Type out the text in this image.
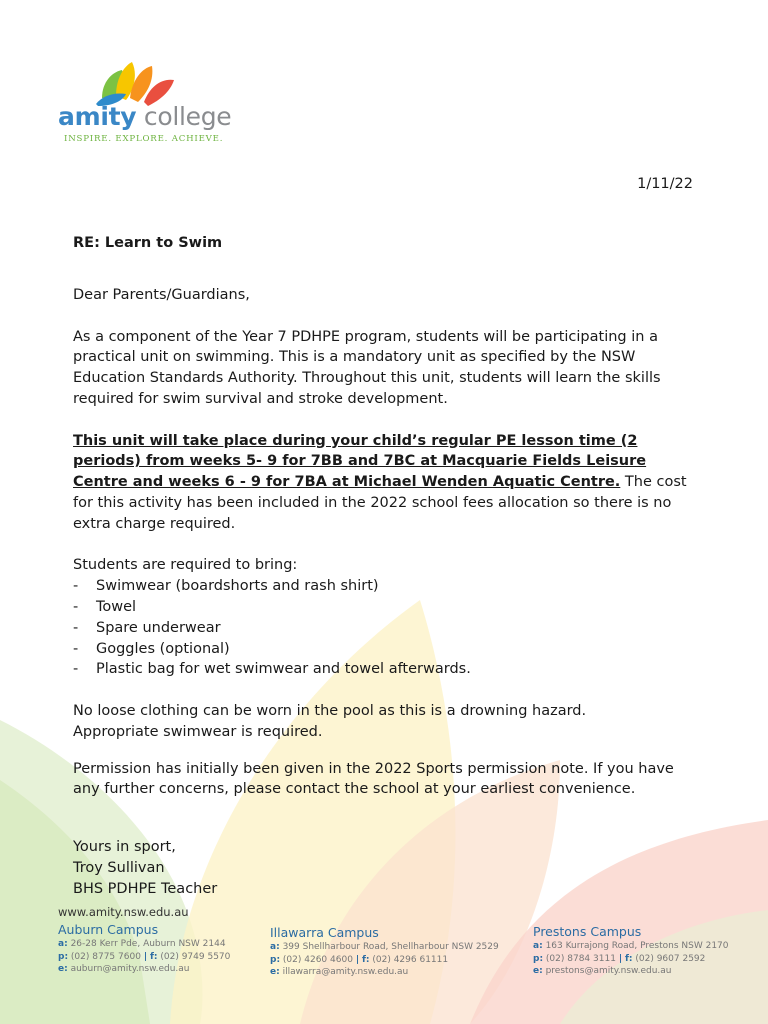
amity college
INSPIRE. EXPLORE. ACHIEVE.
1/11/22
RE: Learn to Swim

Dear Parents/Guardians,

As a component of the Year 7 PDHPE program, students will be participating in a practical unit on swimming. This is a mandatory unit as specified by the NSW Education Standards Authority. Throughout this unit, students will learn the skills required for swim survival and stroke development.

This unit will take place during your child’s regular PE lesson time (2 periods) from weeks 5- 9 for 7BB and 7BC at Macquarie Fields Leisure Centre and weeks 6 - 9 for 7BA at Michael Wenden Aquatic Centre. The cost for this activity has been included in the 2022 school fees allocation so there is no extra charge required.

Students are required to bring:

- Swimwear (boardshorts and rash shirt)
- Towel
- Spare underwear
- Goggles (optional)
- Plastic bag for wet swimwear and towel afterwards.

No loose clothing can be worn in the pool as this is a drowning hazard.

Appropriate swimwear is required.

Permission has initially been given in the 2022 Sports permission note. If you have any further concerns, please contact the school at your earliest convenience.

Yours in sport,

Troy Sullivan

BHS PDHPE Teacher

www.amity.nsw.edu.au
Auburn Campus
a: 26-28 Kerr Pde, Auburn NSW 2144
p: (02) 8775 7600 | f: (02) 9749 5570
e: auburn@amity.nsw.edu.au
Illawarra Campus
a: 399 Shellharbour Road, Shellharbour NSW 2529
p: (02) 4260 4600 | f: (02) 4296 61111
e: illawarra@amity.nsw.edu.au
Prestons Campus
a: 163 Kurrajong Road, Prestons NSW 2170
p: (02) 8784 3111 | f: (02) 9607 2592
e: prestons@amity.nsw.edu.au
